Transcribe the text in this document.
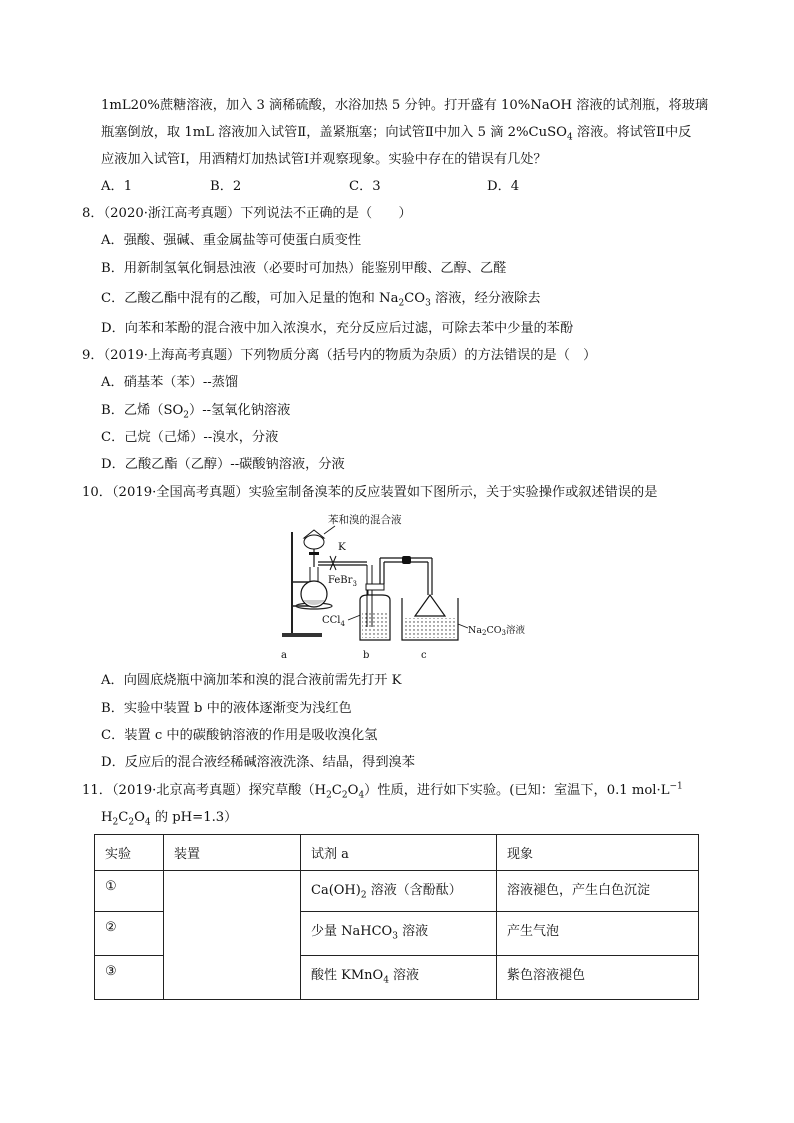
1mL20%蔗糖溶液，加入 3 滴稀硫酸，水浴加热 5 分钟。打开盛有 10%NaOH 溶液的试剂瓶，将玻璃
瓶塞倒放，取 1mL 溶液加入试管Ⅱ，盖紧瓶塞；向试管Ⅱ中加入 5 滴 2%CuSO$_4$ 溶液。将试管Ⅱ中反
应液加入试管Ⅰ，用酒精灯加热试管Ⅰ并观察现象。实验中存在的错误有几处？
A．1	B．2	C．3	D．4
8．（2020·浙江高考真题）下列说法不正确的是（　　）
A．强酸、强碱、重金属盐等可使蛋白质变性
B．用新制氢氧化铜悬浊液（必要时可加热）能鉴别甲酸、乙醇、乙醛
C．乙酸乙酯中混有的乙酸，可加入足量的饱和 $Na_2CO_3$ 溶液，经分液除去
D．向苯和苯酚的混合液中加入浓溴水，充分反应后过滤，可除去苯中少量的苯酚
9．（2019·上海高考真题）下列物质分离（括号内的物质为杂质）的方法错误的是（　）
A．硝基苯（苯）--蒸馏
B．乙烯$(SO_2)--$氢氧化钠溶液
C．己烷（己烯）--溴水，分液
D．乙酸乙酯（乙醇）--碳酸钠溶液，分液
10．（2019·全国高考真题）实验室制备溴苯的反应装置如下图所示，关于实验操作或叙述错误的是
苯和溴的混合液
K
FeBr$_3$
CCl$_4$
$Na_2CO_3$溶液
a	b	c
A．向圆底烧瓶中滴加苯和溴的混合液前需先打开 K
B．实验中装置 b 中的液体逐渐变为浅红色
C．装置 c 中的碳酸钠溶液的作用是吸收溴化氢
D．反应后的混合液经稀碱溶液洗涤、结晶，得到溴苯
11．（2019·北京高考真题）探究草酸$(H_2C_2O_4)$性质，进行如下实验。(已知：室温下，0.1 $mol\cdot L^{-1}$
$H_2C_2O_4$ 的 pH=1.3）
实验	装置	试剂 a	现象
①		$Ca(OH)_2$ 溶液（含酚酞）	溶液褪色，产生白色沉淀
②		少量 NaHCO$_3$ 溶液	产生气泡
③		酸性 KMnO$_4$ 溶液	紫色溶液褪色
